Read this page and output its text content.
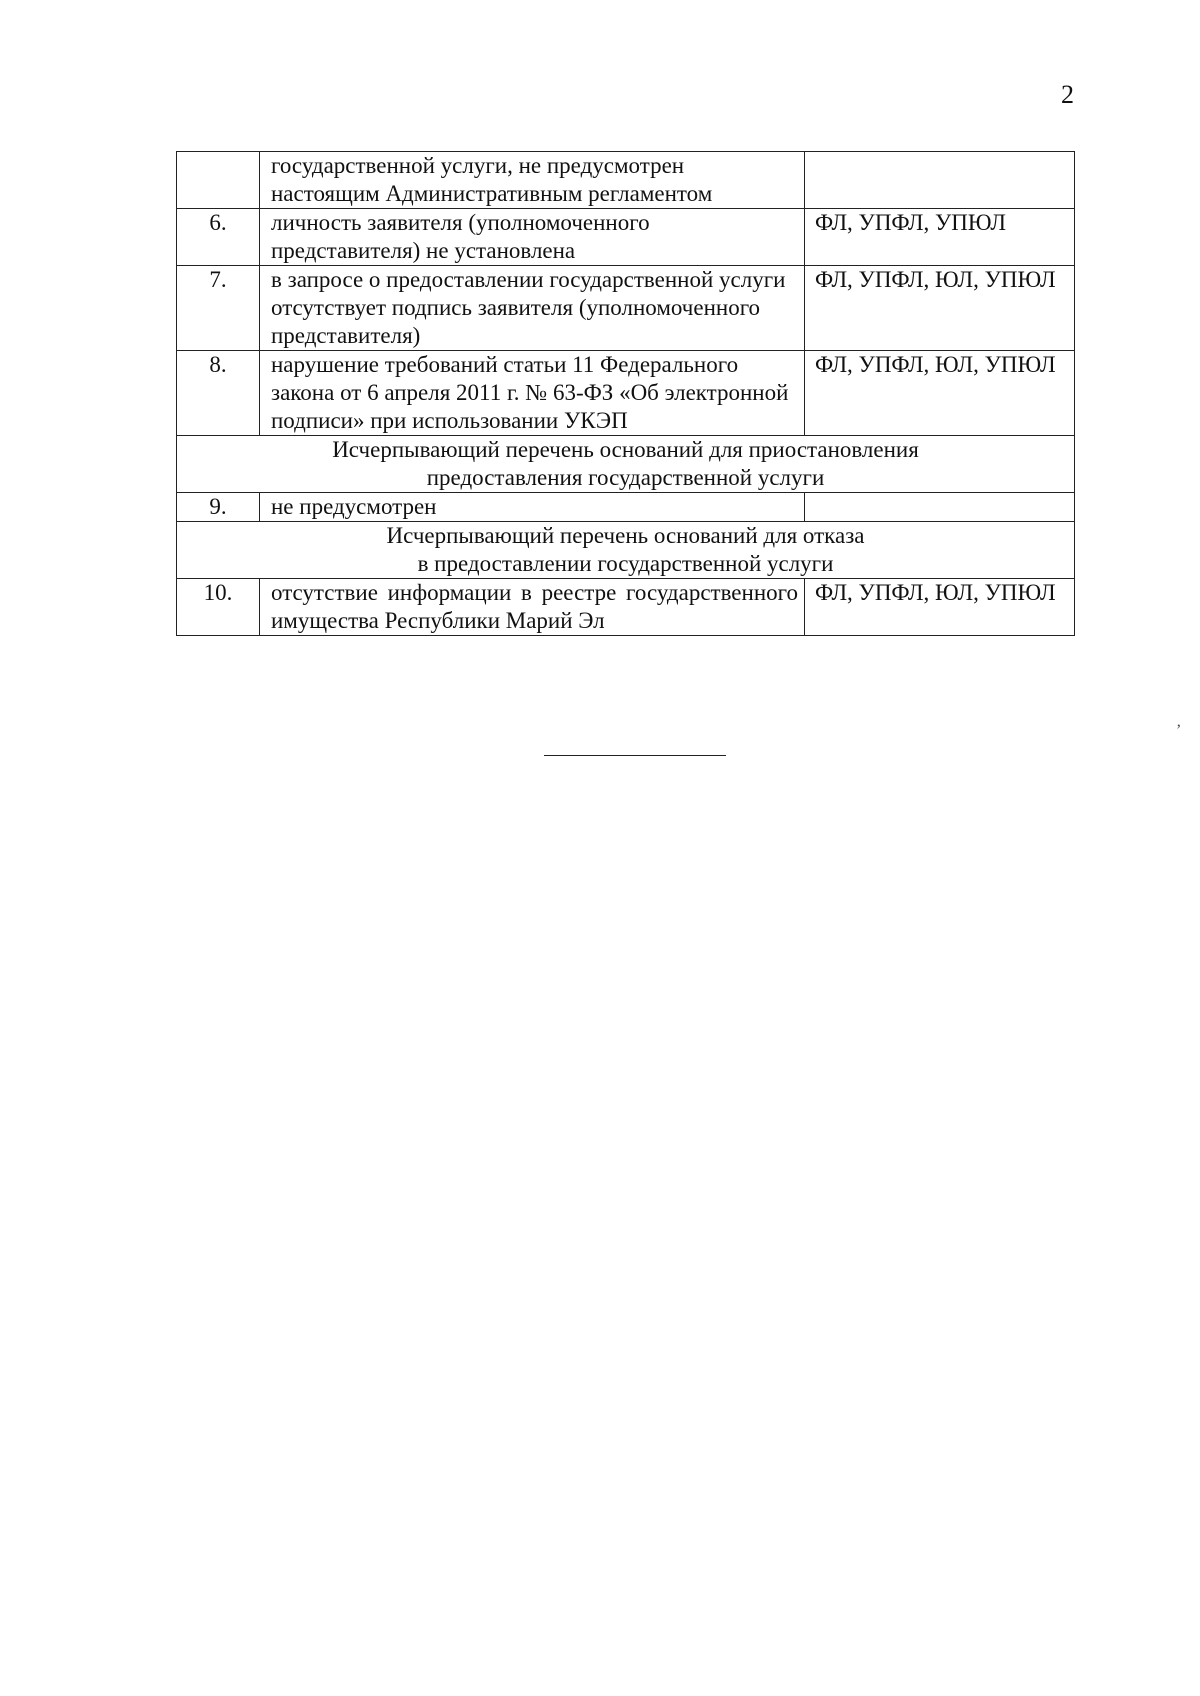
2
	государственной услуги, не предусмотрен настоящим Административным регламентом	
6.	личность заявителя (уполномоченного представителя) не установлена	ФЛ, УПФЛ, УПЮЛ
7.	в запросе о предоставлении государственной услуги отсутствует подпись заявителя (уполномоченного представителя)	ФЛ, УПФЛ, ЮЛ, УПЮЛ
8.	нарушение требований статьи 11 Федерального закона от 6 апреля 2011 г. № 63-ФЗ «Об электронной подписи» при использовании УКЭП	ФЛ, УПФЛ, ЮЛ, УПЮЛ

Исчерпывающий перечень оснований для приостановления
предоставления государственной услуги		

9.	не предусмотрен	

Исчерпывающий перечень оснований для отказа
в предоставлении государственной услуги		

10.	отсутствие информации в реестре государственного имущества Республики Марий Эл	ФЛ, УПФЛ, ЮЛ, УПЮЛ
ʼ
